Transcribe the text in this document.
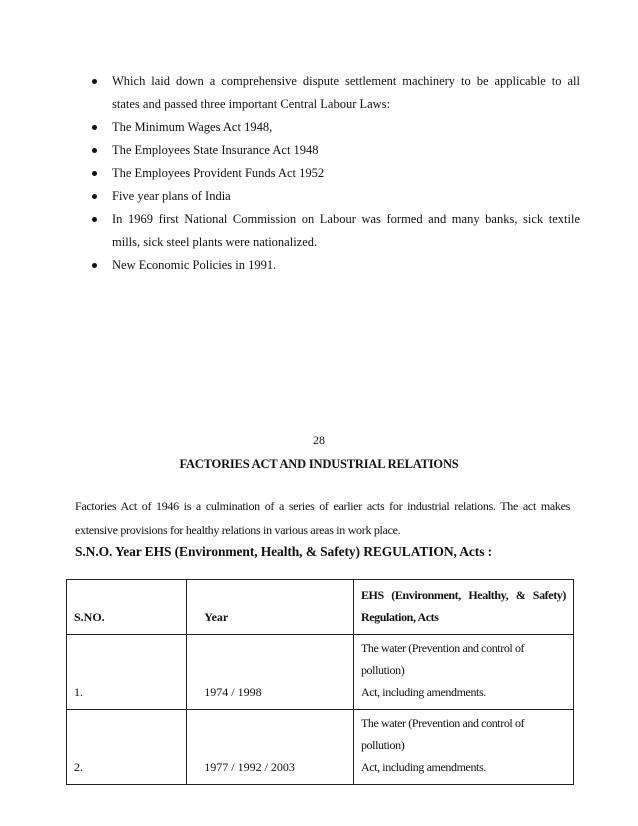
Which laid down a comprehensive dispute settlement machinery to be applicable to all
states and passed three important Central Labour Laws:
The Minimum Wages Act 1948,
The Employees State Insurance Act 1948
The Employees Provident Funds Act 1952
Five year plans of India
In 1969 first National Commission on Labour was formed and many banks, sick textile
mills, sick steel plants were nationalized.
New Economic Policies in 1991.
28
FACTORIES ACT AND INDUSTRIAL RELATIONS
Factories Act of 1946 is a culmination of a series of earlier acts for industrial relations. The act makes extensive provisions for healthy relations in various areas in work place.
S.N.O. Year EHS (Environment, Health, & Safety) REGULATION, Acts :
S.NO.	Year	EHS (Environment, Healthy, & Safety)
Regulation, Acts

1.	1974 / 1998	The water (Prevention and control of pollution)
Act, including amendments.

2.	1977 / 1992 / 2003	The water (Prevention and control of pollution)
Act, including amendments.
